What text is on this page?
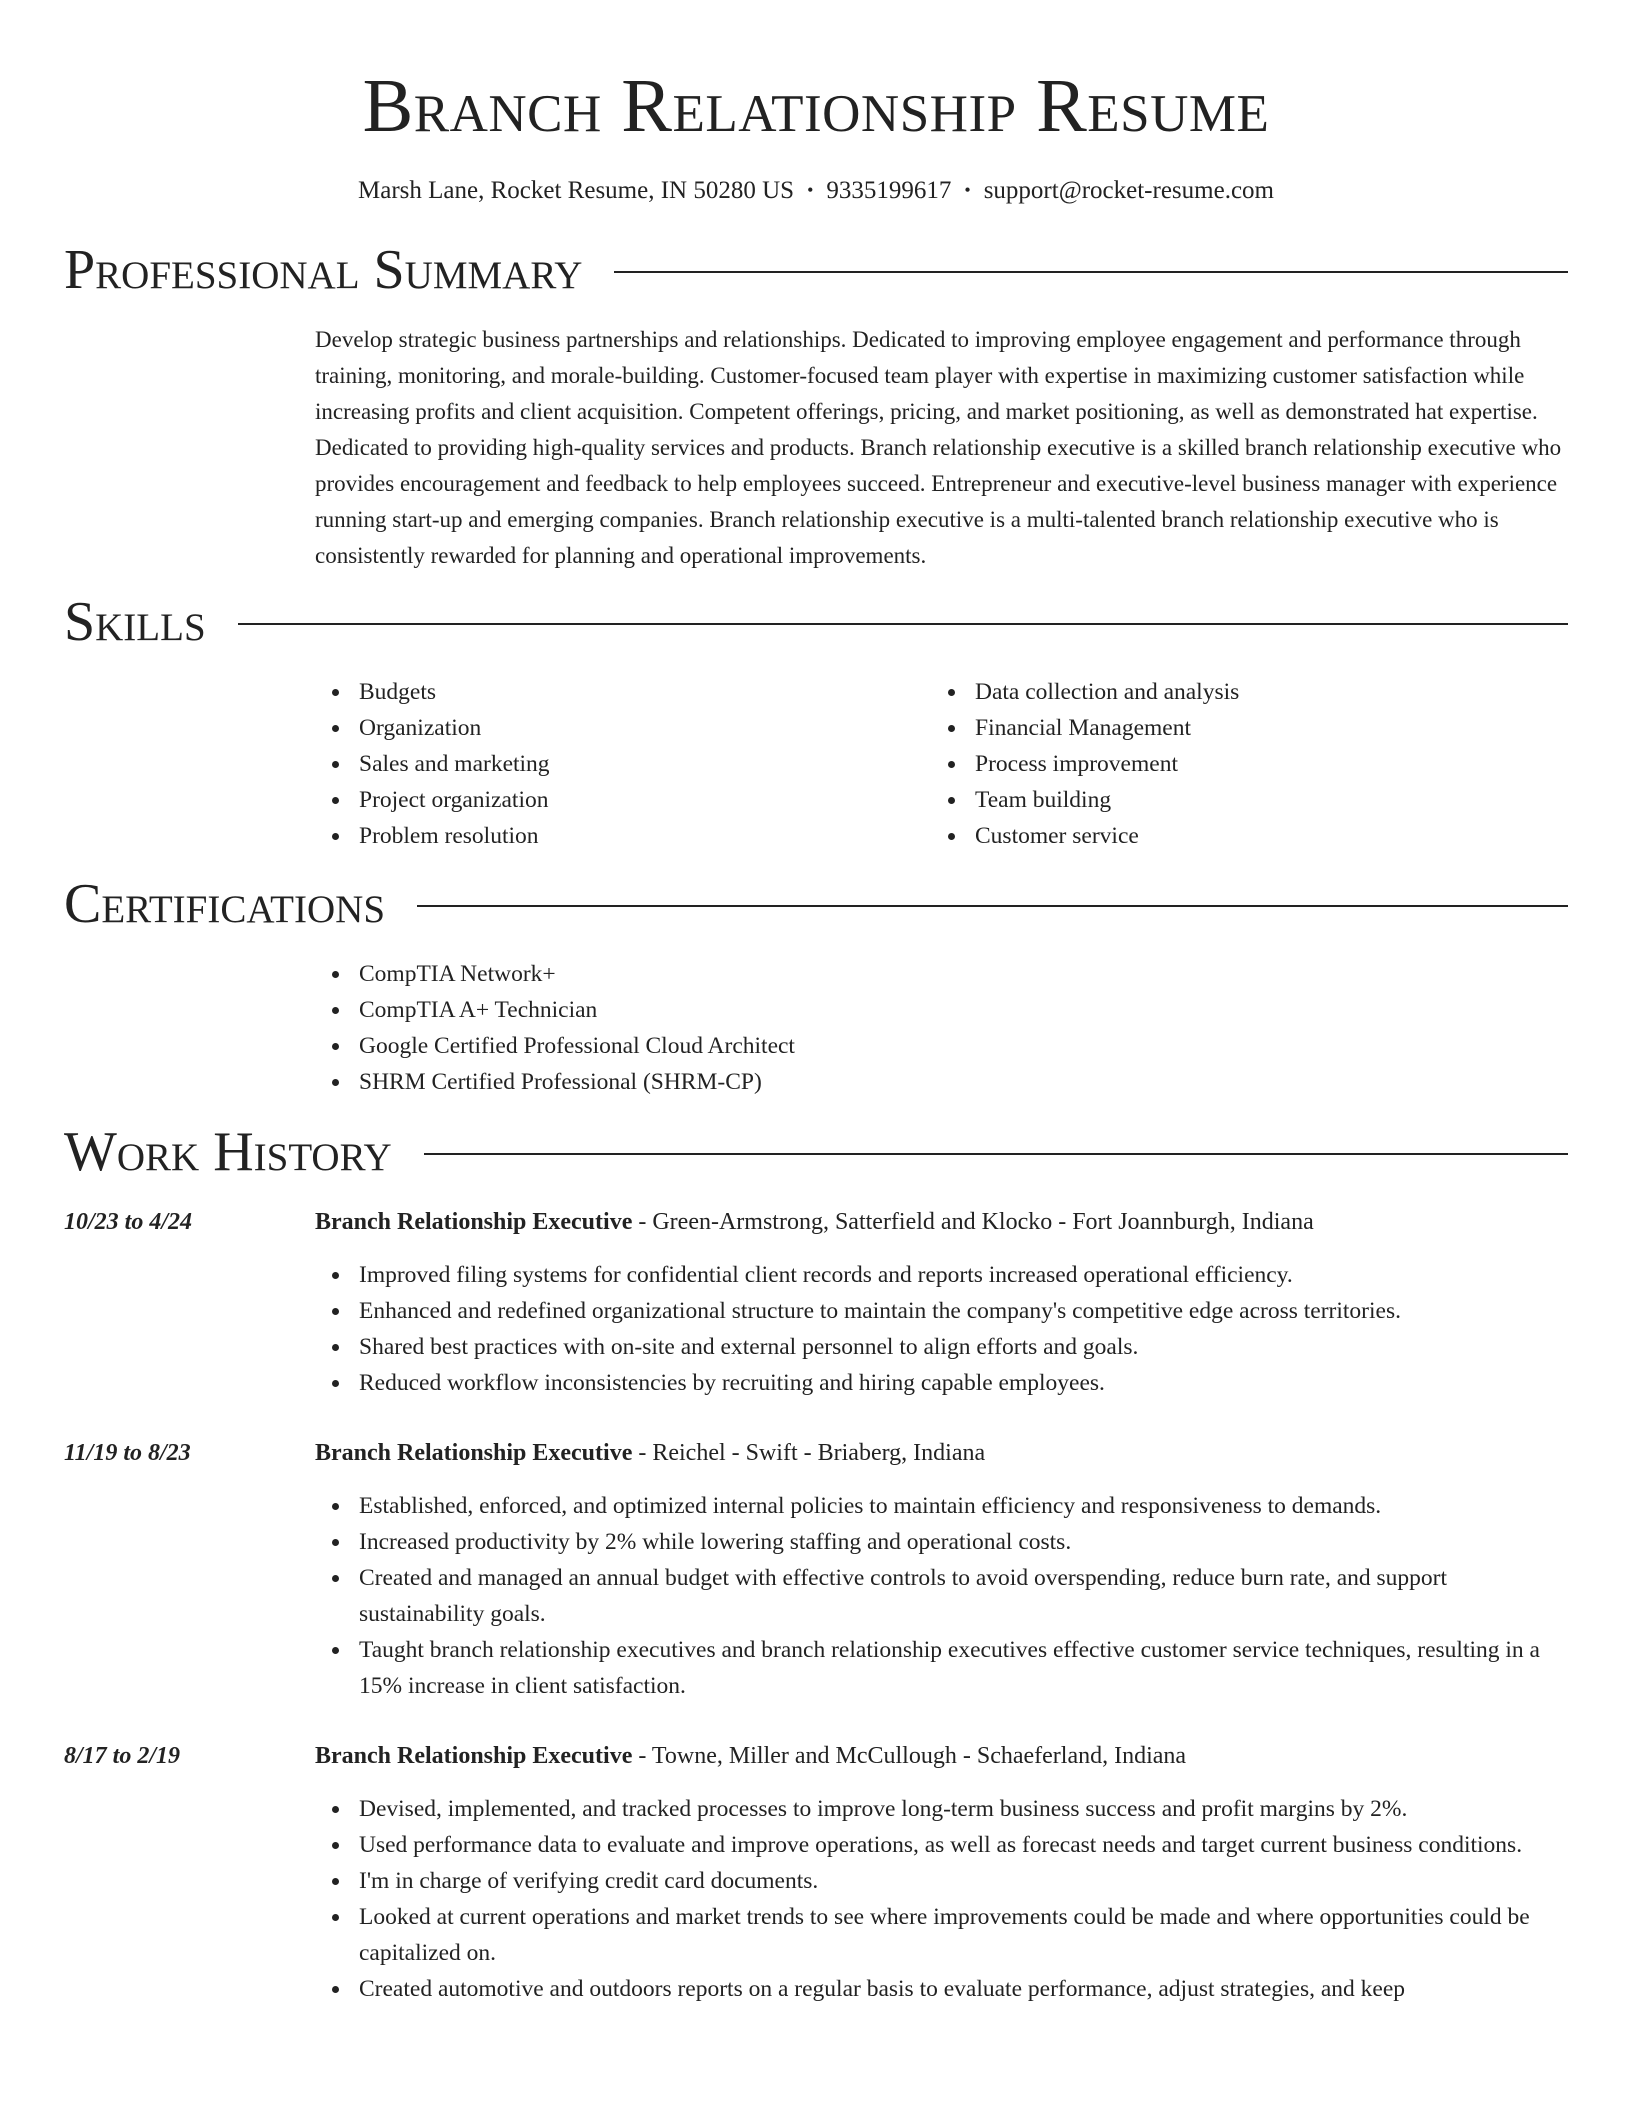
Branch Relationship Resume
Marsh Lane, Rocket Resume, IN 50280 US • 9335199617 • support@rocket-resume.com
Professional Summary

Develop strategic business partnerships and relationships. Dedicated to improving employee engagement and performance through training, monitoring, and morale-building. Customer-focused team player with expertise in maximizing customer satisfaction while increasing profits and client acquisition. Competent offerings, pricing, and market positioning, as well as demonstrated hat expertise. Dedicated to providing high-quality services and products. Branch relationship executive is a skilled branch relationship executive who provides encouragement and feedback to help employees succeed. Entrepreneur and executive-level business manager with experience running start-up and emerging companies. Branch relationship executive is a multi-talented branch relationship executive who is consistently rewarded for planning and operational improvements.

Skills
Budgets
Organization
Sales and marketing
Project organization
Problem resolution
Data collection and analysis
Financial Management
Process improvement
Team building
Customer service
Certifications
CompTIA Network+
CompTIA A+ Technician
Google Certified Professional Cloud Architect
SHRM Certified Professional (SHRM-CP)
Work History
10/23 to 4/24	Branch Relationship Executive - Green-Armstrong, Satterfield and Klocko - Fort Joannburgh, Indiana
Improved filing systems for confidential client records and reports increased operational efficiency.
Enhanced and redefined organizational structure to maintain the company's competitive edge across territories.
Shared best practices with on-site and external personnel to align efforts and goals.
Reduced workflow inconsistencies by recruiting and hiring capable employees.
11/19 to 8/23	Branch Relationship Executive - Reichel - Swift - Briaberg, Indiana
Established, enforced, and optimized internal policies to maintain efficiency and responsiveness to demands.
Increased productivity by 2% while lowering staffing and operational costs.
Created and managed an annual budget with effective controls to avoid overspending, reduce burn rate, and support sustainability goals.
Taught branch relationship executives and branch relationship executives effective customer service techniques, resulting in a 15% increase in client satisfaction.
8/17 to 2/19	Branch Relationship Executive - Towne, Miller and McCullough - Schaeferland, Indiana
Devised, implemented, and tracked processes to improve long-term business success and profit margins by 2%.
Used performance data to evaluate and improve operations, as well as forecast needs and target current business conditions.
I'm in charge of verifying credit card documents.
Looked at current operations and market trends to see where improvements could be made and where opportunities could be capitalized on.
Created automotive and outdoors reports on a regular basis to evaluate performance, adjust strategies, and keep
